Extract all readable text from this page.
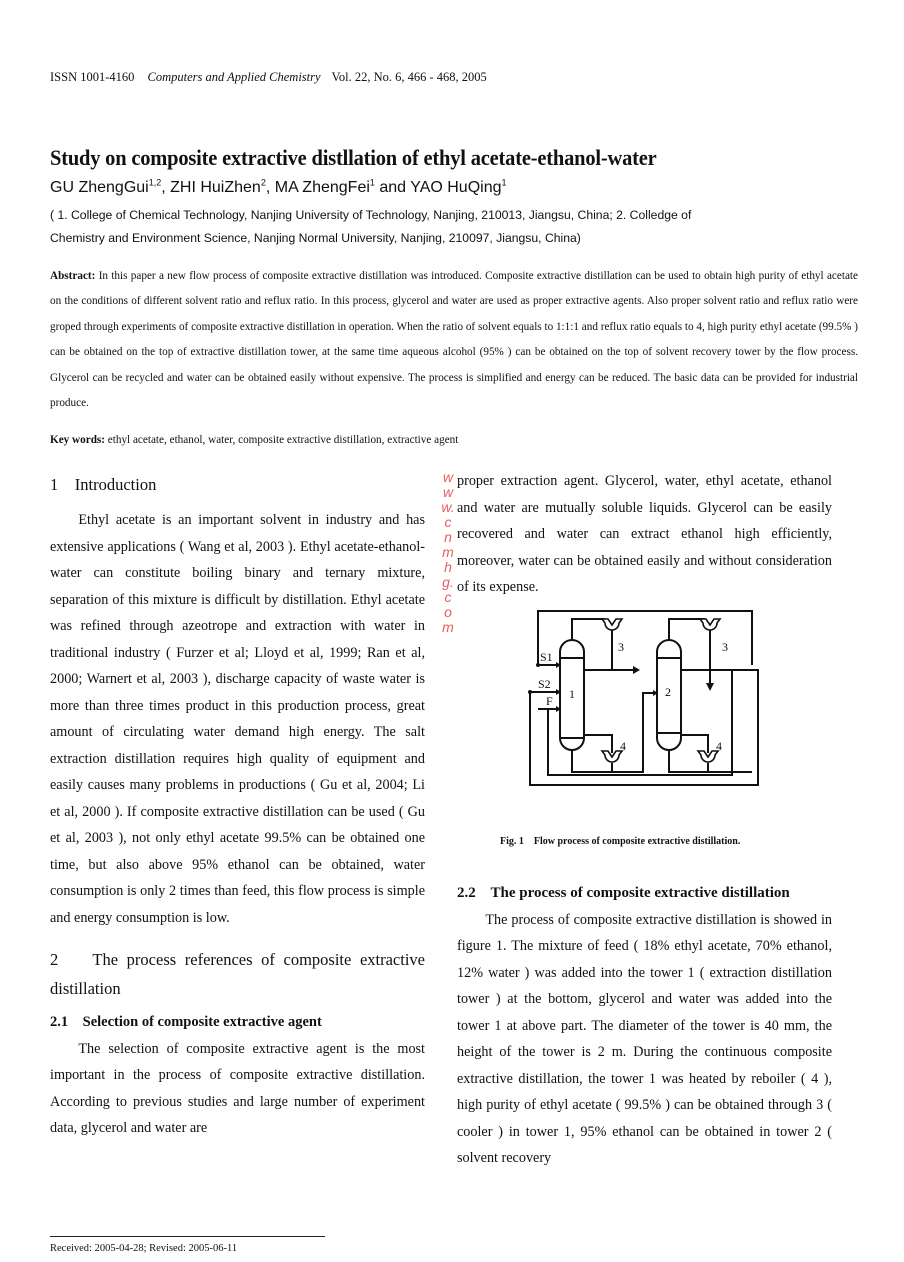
ISSN 1001-4160 Computers and Applied Chemistry Vol. 22, No. 6, 466 - 468, 2005
Study on composite extractive distllation of ethyl acetate-ethanol-water
GU ZhengGui$^{1,2}$, ZHI HuiZhen$^2$, MA ZhengFei$^1$ and YAO HuQing$^1$
( 1. College of Chemical Technology, Nanjing University of Technology, Nanjing, 210013, Jiangsu, China; 2. Colledge of
Chemistry and Environment Science, Nanjing Normal University, Nanjing, 210097, Jiangsu, China)
Abstract: In this paper a new flow process of composite extractive distillation was introduced. Composite extractive distillation can be used to obtain high purity of ethyl acetate on the conditions of different solvent ratio and reflux ratio. In this process, glycerol and water are used as proper extractive agents. Also proper solvent ratio and reflux ratio were groped through experiments of composite extractive distillation in operation. When the ratio of solvent equals to 1:1:1 and reflux ratio equals to 4, high purity ethyl acetate (99.5% ) can be obtained on the top of extractive distillation tower, at the same time aqueous alcohol (95% ) can be obtained on the top of solvent recovery tower by the flow process. Glycerol can be recycled and water can be obtained easily without expensive. The process is simplified and energy can be reduced. The basic data can be provided for industrial produce.
Key words: ethyl acetate, ethanol, water, composite extractive distillation, extractive agent
1    Introduction
Ethyl acetate is an important solvent in industry and has extensive applications ( Wang et al, 2003 ). Ethyl acetate-ethanol-water can constitute boiling binary and ternary mixture, separation of this mixture is difficult by distillation. Ethyl acetate was refined through azeotrope and extraction with water in traditional industry ( Furzer et al; Lloyd et al, 1999; Ran et al, 2000; Warnert et al, 2003 ), discharge capacity of waste water is more than three times product in this production process, great amount of circulating water demand high energy. The salt extraction distillation requires high quality of equipment and easily causes many problems in productions ( Gu et al, 2004; Li et al, 2000 ). If composite extractive distillation can be used ( Gu et al, 2003 ), not only ethyl acetate 99.5% can be obtained one time, but also above 95% ethanol can be obtained, water consumption is only 2 times than feed, this flow process is simple and energy consumption is low.
2    The process references of composite extractive distillation
2.1    Selection of composite extractive agent
The selection of composite extractive agent is the most important in the process of composite extractive distillation. According to previous studies and large number of experiment data, glycerol and water are
proper extraction agent. Glycerol, water, ethyl acetate, ethanol and water are mutually soluble liquids. Glycerol can be easily recovered and water can extract ethanol high efficiently, moreover, water can be obtained easily and without consideration of its expense.
S1
S2
F 1	2
3	3
4	4
Fig. 1 Flow process of composite extractive distillation.
2.2    The process of composite extractive distillation
The process of composite extractive distillation is showed in figure 1. The mixture of feed ( 18% ethyl acetate, 70% ethanol, 12% water ) was added into the tower 1 ( extraction distillation tower ) at the bottom, glycerol and water was added into the tower 1 at above part. The diameter of the tower is 40 mm, the height of the tower is 2 m. During the continuous composite extractive distillation, the tower 1 was heated by reboiler ( 4 ), high purity of ethyl acetate ( 99.5% ) can be obtained through 3 ( cooler ) in tower 1, 95% ethanol can be obtained in tower 2 ( solvent recovery
Received: 2005-04-28; Revised: 2005-06-11
www.cnmhg.com
